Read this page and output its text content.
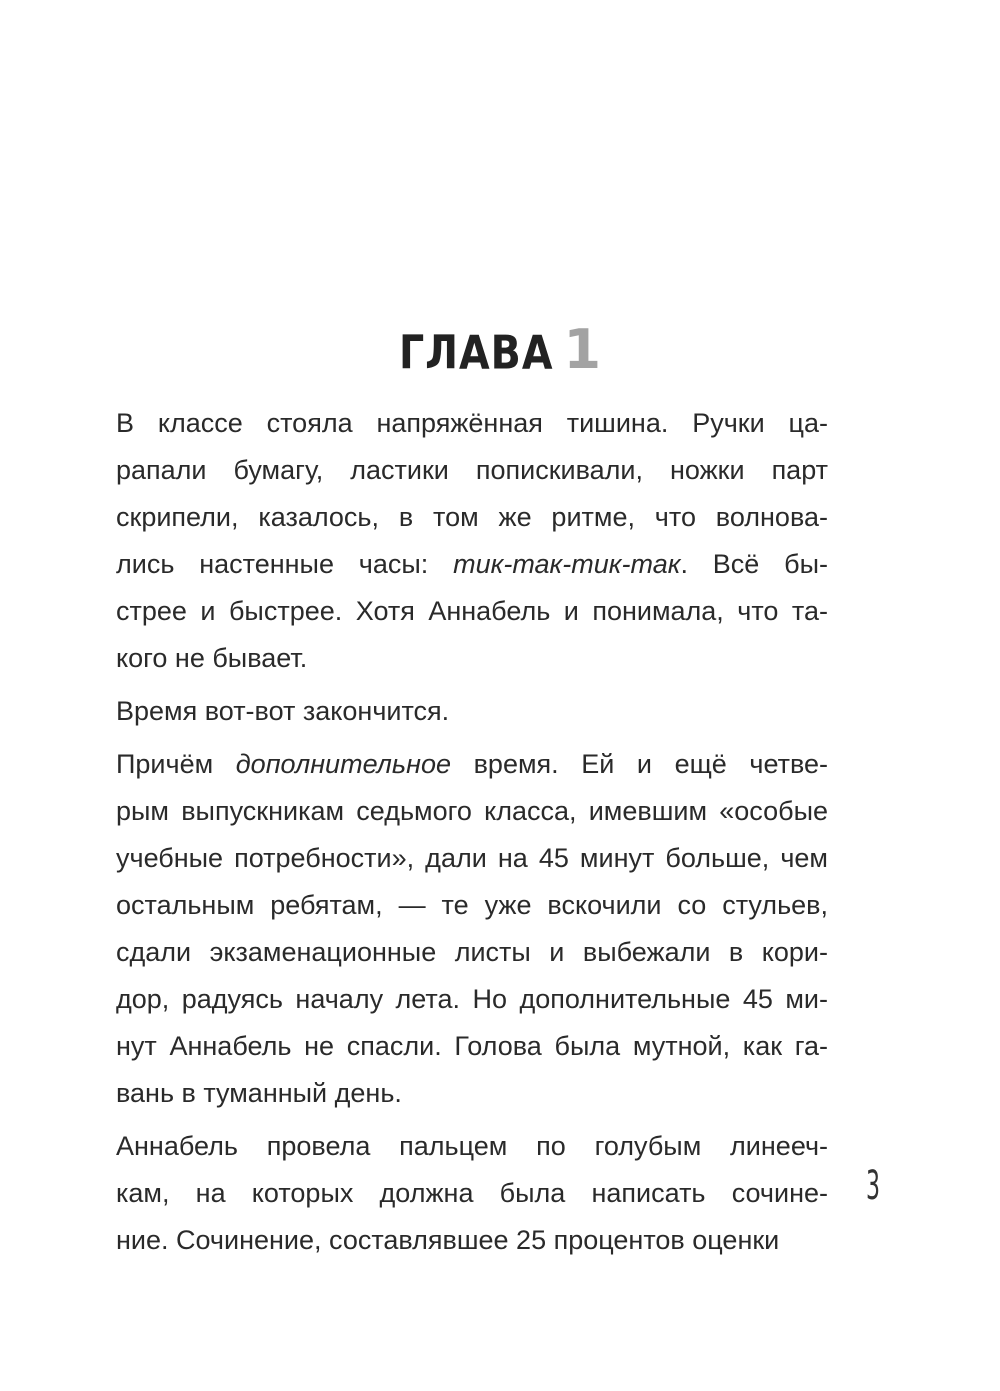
ГЛАВА 1
В классе стояла напряжённая тишина. Ручки ца-
рапали бумагу, ластики попискивали, ножки парт
скрипели, казалось, в том же ритме, что волнова-
лись настенные часы: тик-так-тик-так. Всё бы-
стрее и быстрее. Хотя Аннабель и понимала, что та-
кого не бывает.
Время вот-вот закончится.
Причём дополнительное время. Ей и ещё четве-
рым выпускникам седьмого класса, имевшим «особые
учебные потребности», дали на 45 минут больше, чем
остальным ребятам, — те уже вскочили со стульев,
сдали экзаменационные листы и выбежали в кори-
дор, радуясь началу лета. Но дополнительные 45 ми-
нут Аннабель не спасли. Голова была мутной, как га-
вань в туманный день.
Аннабель провела пальцем по голубым линееч-
кам, на которых должна была написать сочине-
ние. Сочинение, составлявшее 25 процентов оценки
3
